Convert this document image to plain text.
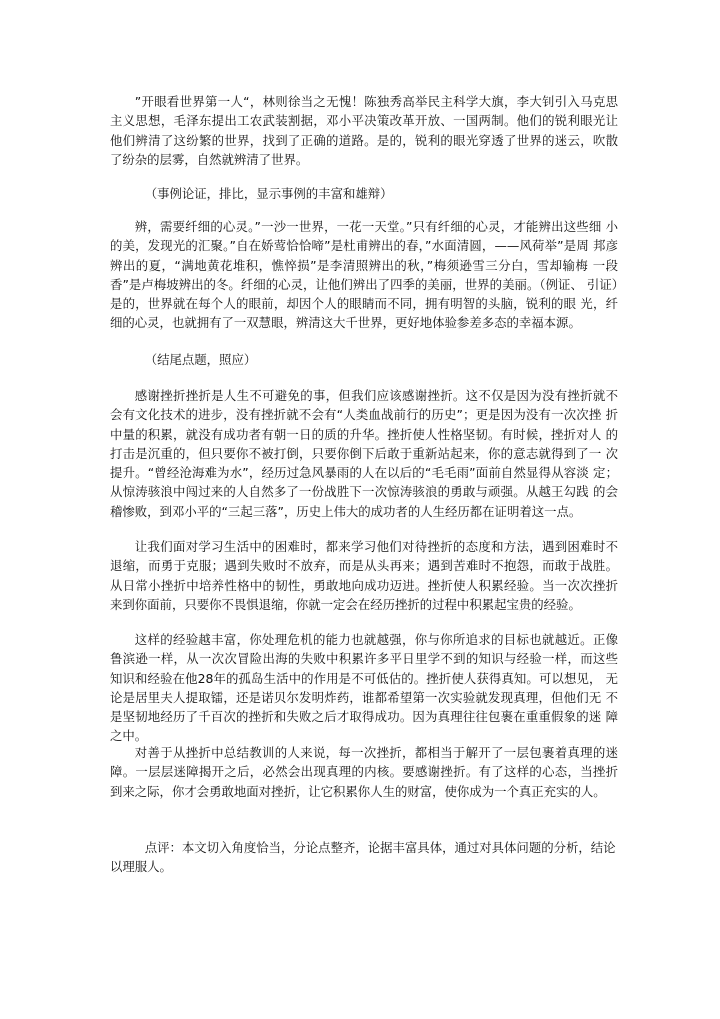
”开眼看世界第一人“，林则徐当之无愧！陈独秀高举民主科学大旗，李大钊引入马克思 主义思想，毛泽东提出工农武装割据，邓小平决策改革开放、一国两制。他们的锐利眼光让 他们辨清了这纷繁的世界，找到了正确的道路。是的，锐利的眼光穿透了世界的迷云，吹散 了纷杂的层雾，自然就辨清了世界。

（事例论证，排比，显示事例的丰富和雄辩）

辨，需要纤细的心灵。”一沙一世界，一花一天堂。”只有纤细的心灵，才能辨出这些细 小的美，发现光的汇聚。”自在娇莺恰恰啼”是杜甫辨出的春，”水面清圆，——风荷举”是周 邦彦辨出的夏，“满地黄花堆积，憔悴损”是李清照辨出的秋，”梅须逊雪三分白，雪却输梅 一段香”是卢梅坡辨出的冬。纤细的心灵，让他们辨出了四季的美丽，世界的美丽。（例证、 引证）是的，世界就在每个人的眼前，却因个人的眼睛而不同，拥有明智的头脑，锐利的眼 光，纤细的心灵，也就拥有了一双慧眼，辨清这大千世界，更好地体验参差多态的幸福本源。

（结尾点题，照应）

感谢挫折挫折是人生不可避免的事，但我们应该感谢挫折。这不仅是因为没有挫折就不 会有文化技术的进步，没有挫折就不会有“人类血战前行的历史”；更是因为没有一次次挫 折中量的积累，就没有成功者有朝一日的质的升华。挫折使人性格坚韧。有时候，挫折对人 的打击是沉重的，但只要你不被打倒，只要你倒下后敢于重新站起来，你的意志就得到了一 次提升。“曾经沧海难为水”，经历过急风暴雨的人在以后的“毛毛雨”面前自然显得从容淡 定；从惊涛骇浪中闯过来的人自然多了一份战胜下一次惊涛骇浪的勇敢与顽强。从越王勾践 的会稽惨败，到邓小平的“三起三落”，历史上伟大的成功者的人生经历都在证明着这一点。

让我们面对学习生活中的困难时，都来学习他们对待挫折的态度和方法，遇到困难时不 退缩，而勇于克服；遇到失败时不放弃，而是从头再来；遇到苦难时不抱怨，而敢于战胜。 从日常小挫折中培养性格中的韧性，勇敢地向成功迈进。挫折使人积累经验。当一次次挫折 来到你面前，只要你不畏惧退缩，你就一定会在经历挫折的过程中积累起宝贵的经验。

这样的经验越丰富，你处理危机的能力也就越强，你与你所追求的目标也就越近。正像 鲁滨逊一样，从一次次冒险出海的失败中积累许多平日里学不到的知识与经验一样，而这些 知识和经验在他28年的孤岛生活中的作用是不可低估的。挫折使人获得真知。可以想见， 无论是居里夫人提取镭，还是诺贝尔发明炸药，谁都希望第一次实验就发现真理，但他们无 不是坚韧地经历了千百次的挫折和失败之后才取得成功。因为真理往往包裹在重重假象的迷 障之中。

对善于从挫折中总结教训的人来说，每一次挫折，都相当于解开了一层包裹着真理的迷 障。一层层迷障揭开之后，必然会出现真理的内核。要感谢挫折。有了这样的心态，当挫折 到来之际，你才会勇敢地面对挫折，让它积累你人生的财富，使你成为一个真正充实的人。

点评：本文切入角度恰当，分论点整齐，论据丰富具体，通过对具体问题的分析，结论 以理服人。
